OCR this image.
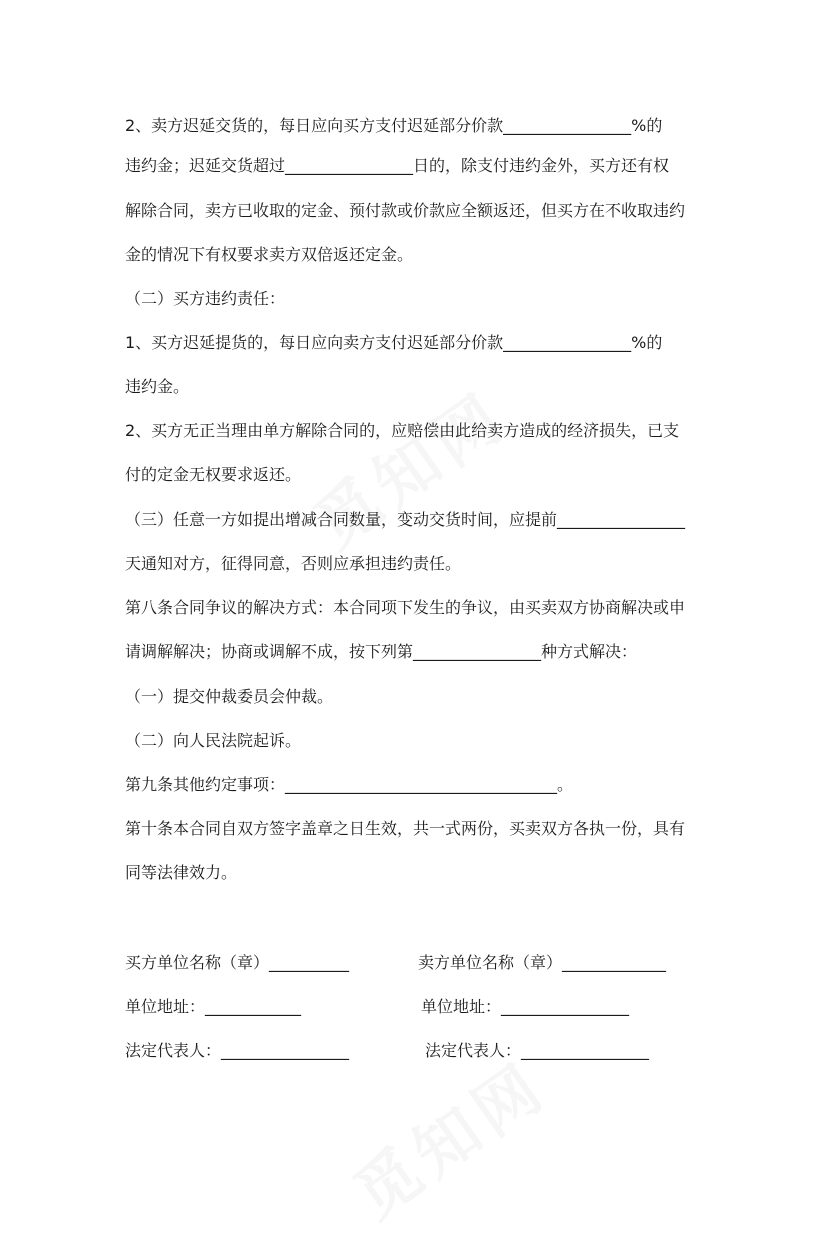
2、卖方迟延交货的，每日应向买方支付迟延部分价款________________%的
违约金；迟延交货超过________________日的，除支付违约金外，买方还有权
解除合同，卖方已收取的定金、预付款或价款应全额返还，但买方在不收取违约
金的情况下有权要求卖方双倍返还定金。
（二）买方违约责任：
1、买方迟延提货的，每日应向卖方支付迟延部分价款________________%的
违约金。
2、买方无正当理由单方解除合同的，应赔偿由此给卖方造成的经济损失，已支
付的定金无权要求返还。
（三）任意一方如提出增减合同数量，变动交货时间，应提前________________
天通知对方，征得同意，否则应承担违约责任。
第八条合同争议的解决方式：本合同项下发生的争议，由买卖双方协商解决或申
请调解解决；协商或调解不成，按下列第________________种方式解决：
（一）提交仲裁委员会仲裁。
（二）向人民法院起诉。
第九条其他约定事项：__________________________________。
第十条本合同自双方签字盖章之日生效，共一式两份，买卖双方各执一份，具有
同等法律效力。
买方单位名称（章）__________	卖方单位名称（章）_____________
单位地址：____________	单位地址：________________
法定代表人：________________	法定代表人：________________
